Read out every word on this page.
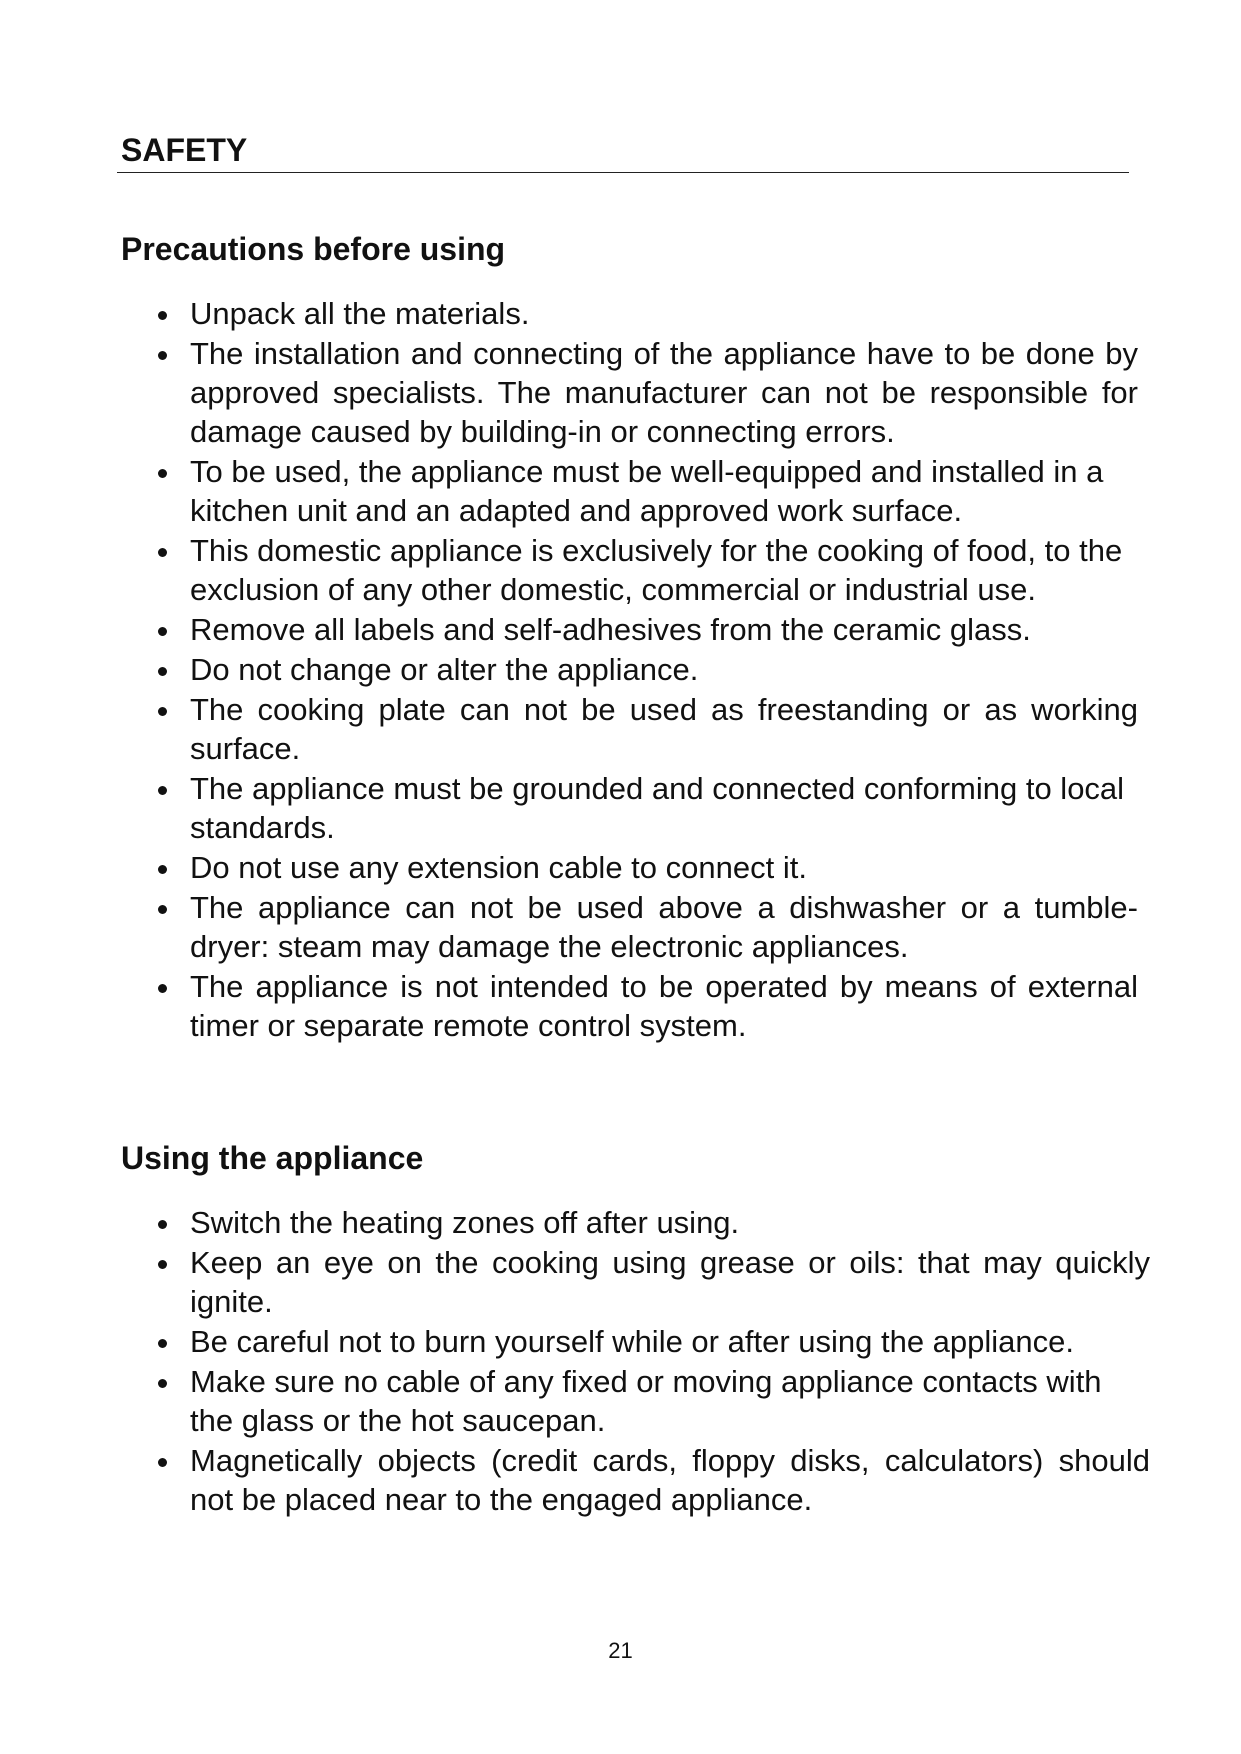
SAFETY
Precautions before using
Unpack all the materials.
The installation and connecting of the appliance have to be done by approved specialists. The manufacturer can not be responsible for damage caused by building-in or connecting errors.
To be used, the appliance must be well-equipped and installed in a kitchen unit and an adapted and approved work surface.
This domestic appliance is exclusively for the cooking of food, to the exclusion of any other domestic, commercial or industrial use.
Remove all labels and self-adhesives from the ceramic glass.
Do not change or alter the appliance.
The cooking plate can not be used as freestanding or as working surface.
The appliance must be grounded and connected conforming to local standards.
Do not use any extension cable to connect it.
The appliance can not be used above a dishwasher or a tumble-dryer: steam may damage the electronic appliances.
The appliance is not intended to be operated by means of external timer or separate remote control system.
Using the appliance
Switch the heating zones off after using.
Keep an eye on the cooking using grease or oils: that may quickly ignite.
Be careful not to burn yourself while or after using the appliance.
Make sure no cable of any fixed or moving appliance contacts with the glass or the hot saucepan.
Magnetically objects (credit cards, floppy disks, calculators) should not be placed near to the engaged appliance.
21
